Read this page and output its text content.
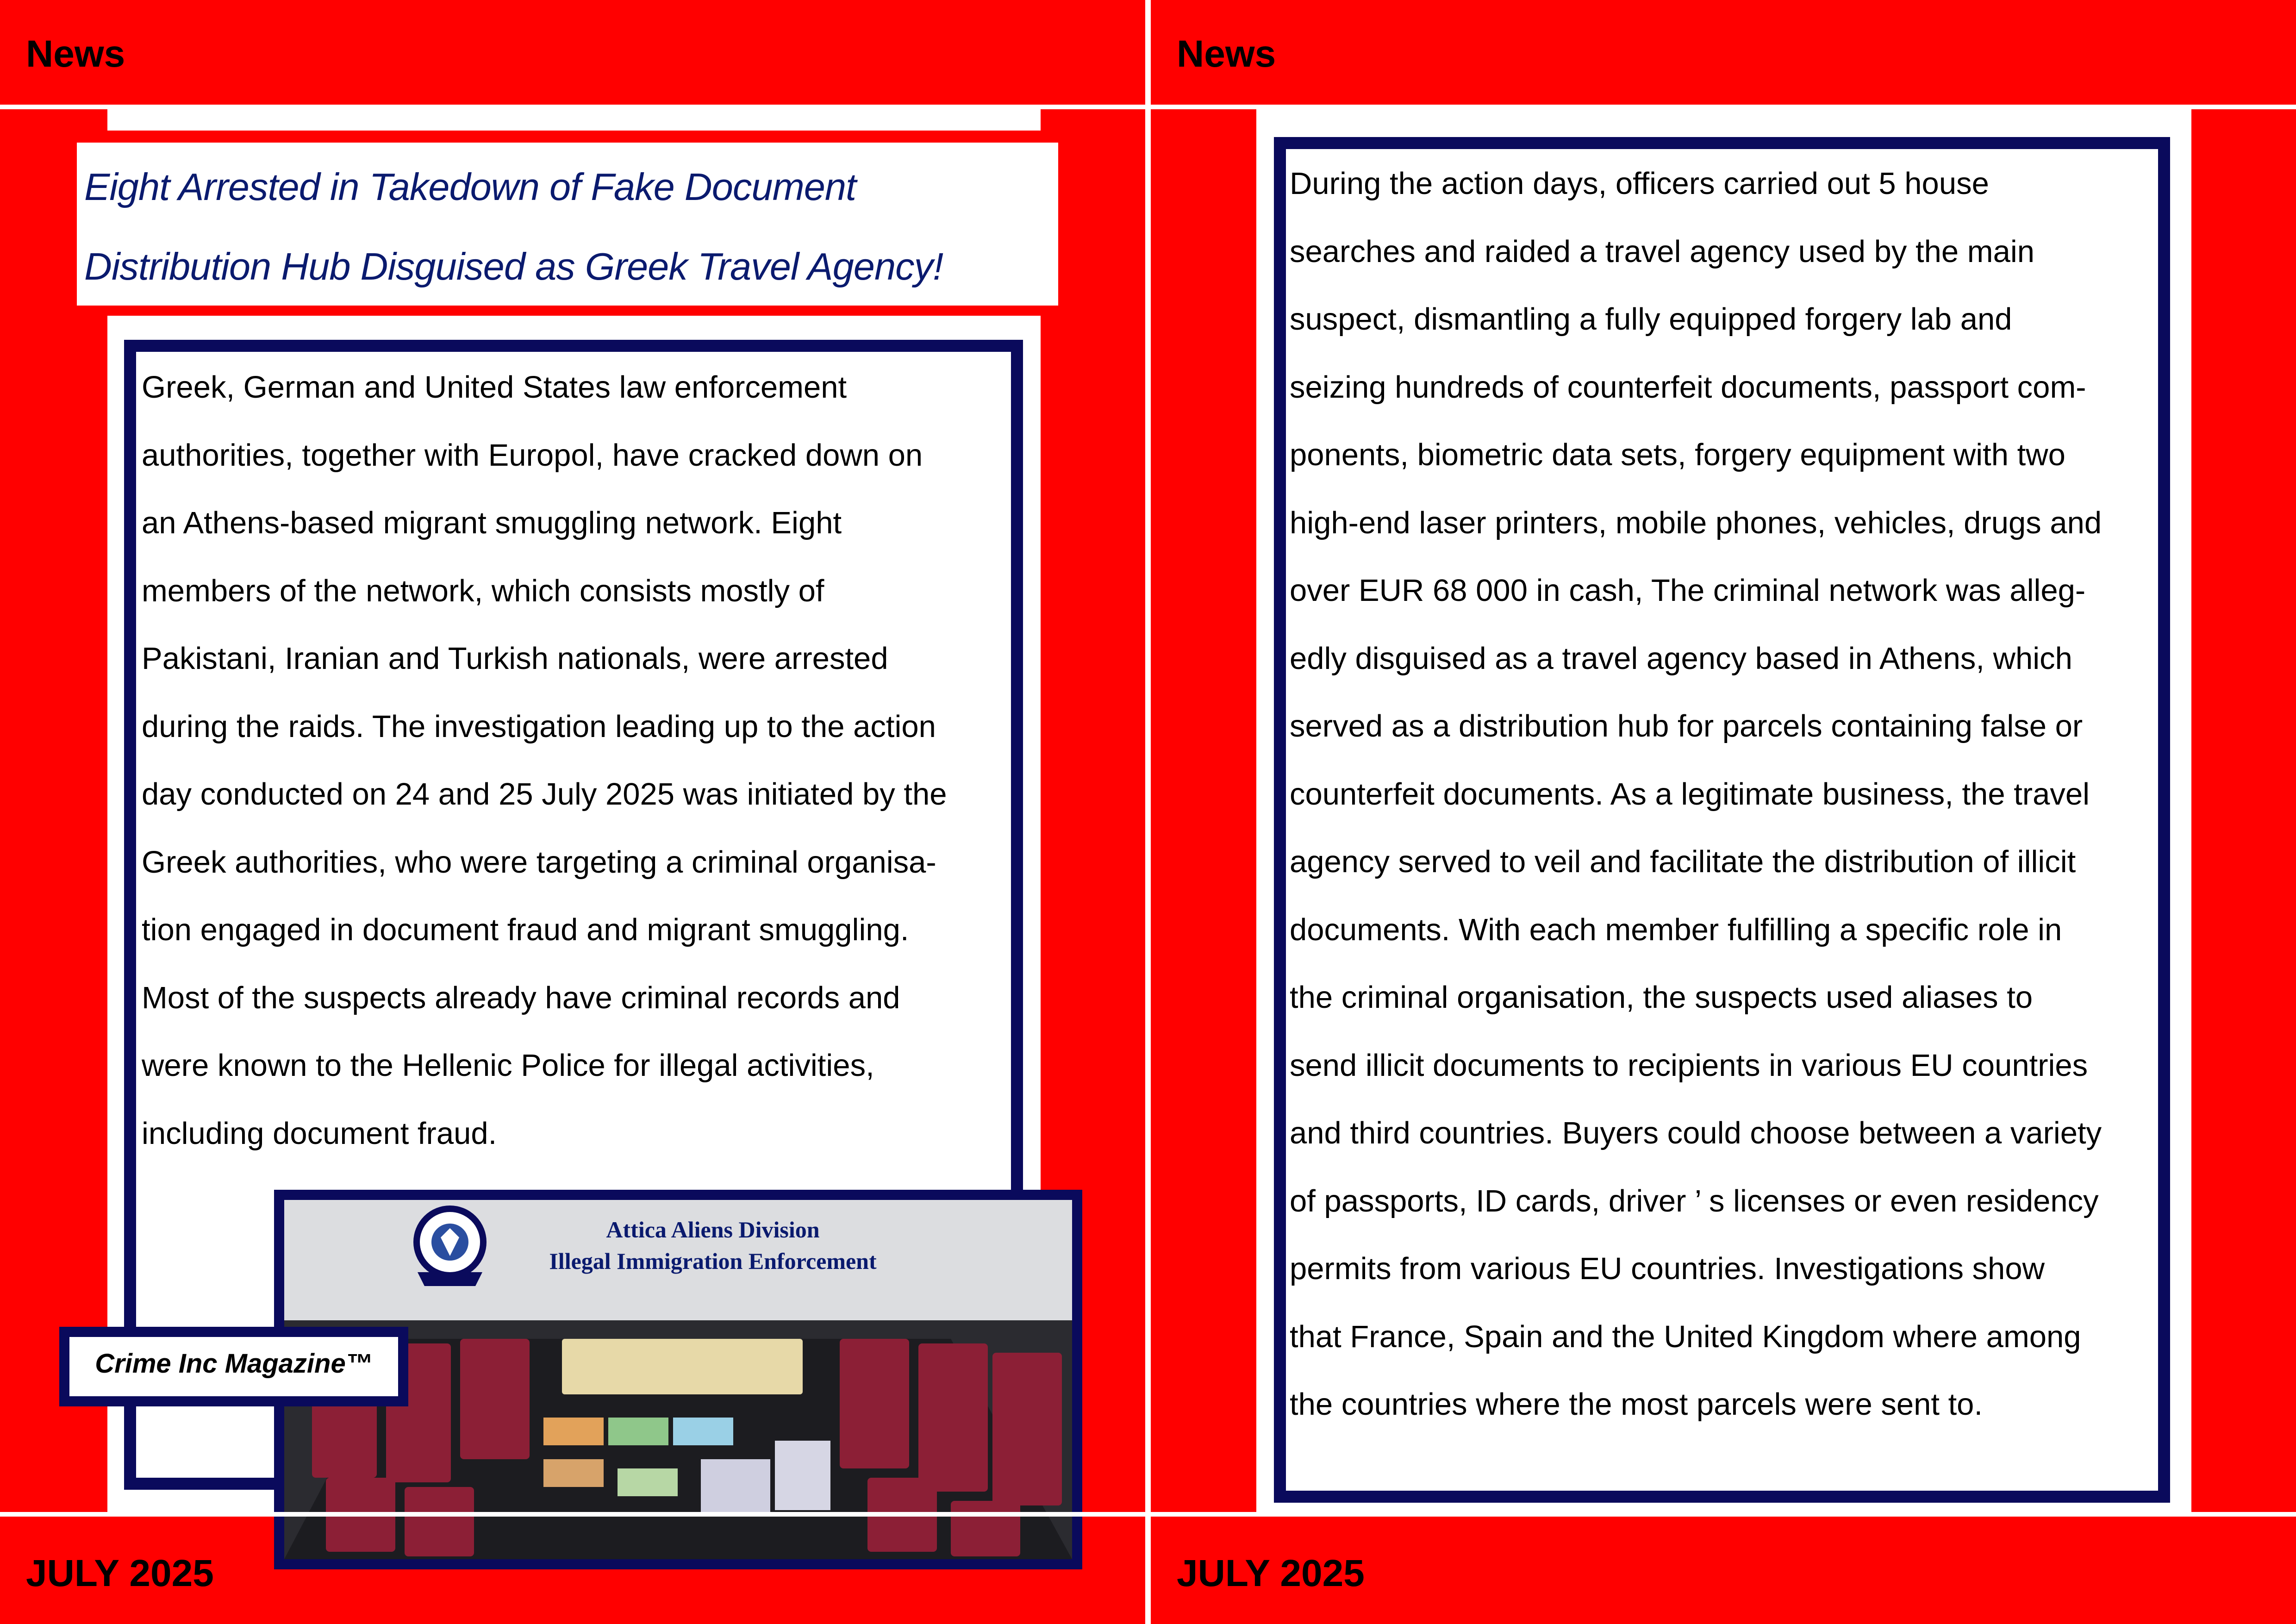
News
Eight Arrested in Takedown of Fake Document
Distribution Hub Disguised as Greek Travel Agency!
Greek, German and United States law enforcement
authorities, together with Europol, have cracked down on
an Athens-based migrant smuggling network. Eight
members of the network, which consists mostly of
Pakistani, Iranian and Turkish nationals, were arrested
during the raids. The investigation leading up to the action
day conducted on 24 and 25 July 2025 was initiated by the
Greek authorities, who were targeting a criminal organisa-
tion engaged in document fraud and migrant smuggling.
Most of the suspects already have criminal records and
were known to the Hellenic Police for illegal activities,
including document fraud.
Attica Aliens Division
Illegal Immigration Enforcement
Crime Inc Magazine™
JULY 2025
News
During the action days, officers carried out 5 house
searches and raided a travel agency used by the main
suspect, dismantling a fully equipped forgery lab and
seizing hundreds of counterfeit documents, passport com-
ponents, biometric data sets, forgery equipment with two
high-end laser printers, mobile phones, vehicles, drugs and
over EUR 68 000 in cash, The criminal network was alleg-
edly disguised as a travel agency based in Athens, which
served as a distribution hub for parcels containing false or
counterfeit documents. As a legitimate business, the travel
agency served to veil and facilitate the distribution of illicit
documents. With each member fulfilling a specific role in
the criminal organisation, the suspects used aliases to
send illicit documents to recipients in various EU countries
and third countries. Buyers could choose between a variety
of passports, ID cards, driver ’ s licenses or even residency
permits from various EU countries. Investigations show
that France, Spain and the United Kingdom where among
the countries where the most parcels were sent to.
JULY 2025
